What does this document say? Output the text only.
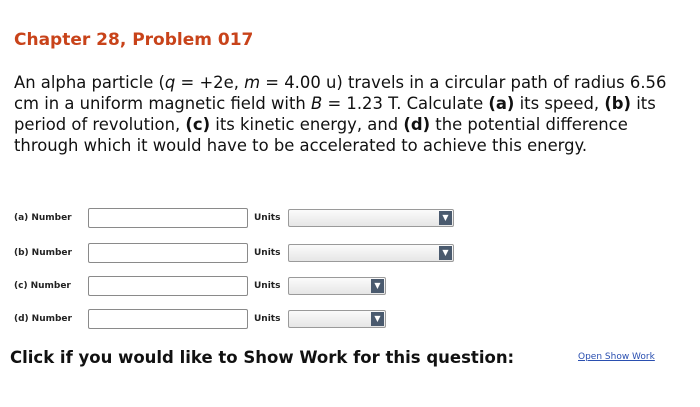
Chapter 28, Problem 017
An alpha particle (q = +2e, m = 4.00 u) travels in a circular path of radius 6.56 cm in a uniform magnetic field with B = 1.23 T. Calculate (a) its speed, (b) its period of revolution, (c) its kinetic energy, and (d) the potential difference through which it would have to be accelerated to achieve this energy.
(a) Number	Units	▼
(b) Number	Units	▼
(c) Number	Units	▼
(d) Number	Units	▼
Click if you would like to Show Work for this question:	Open Show Work
